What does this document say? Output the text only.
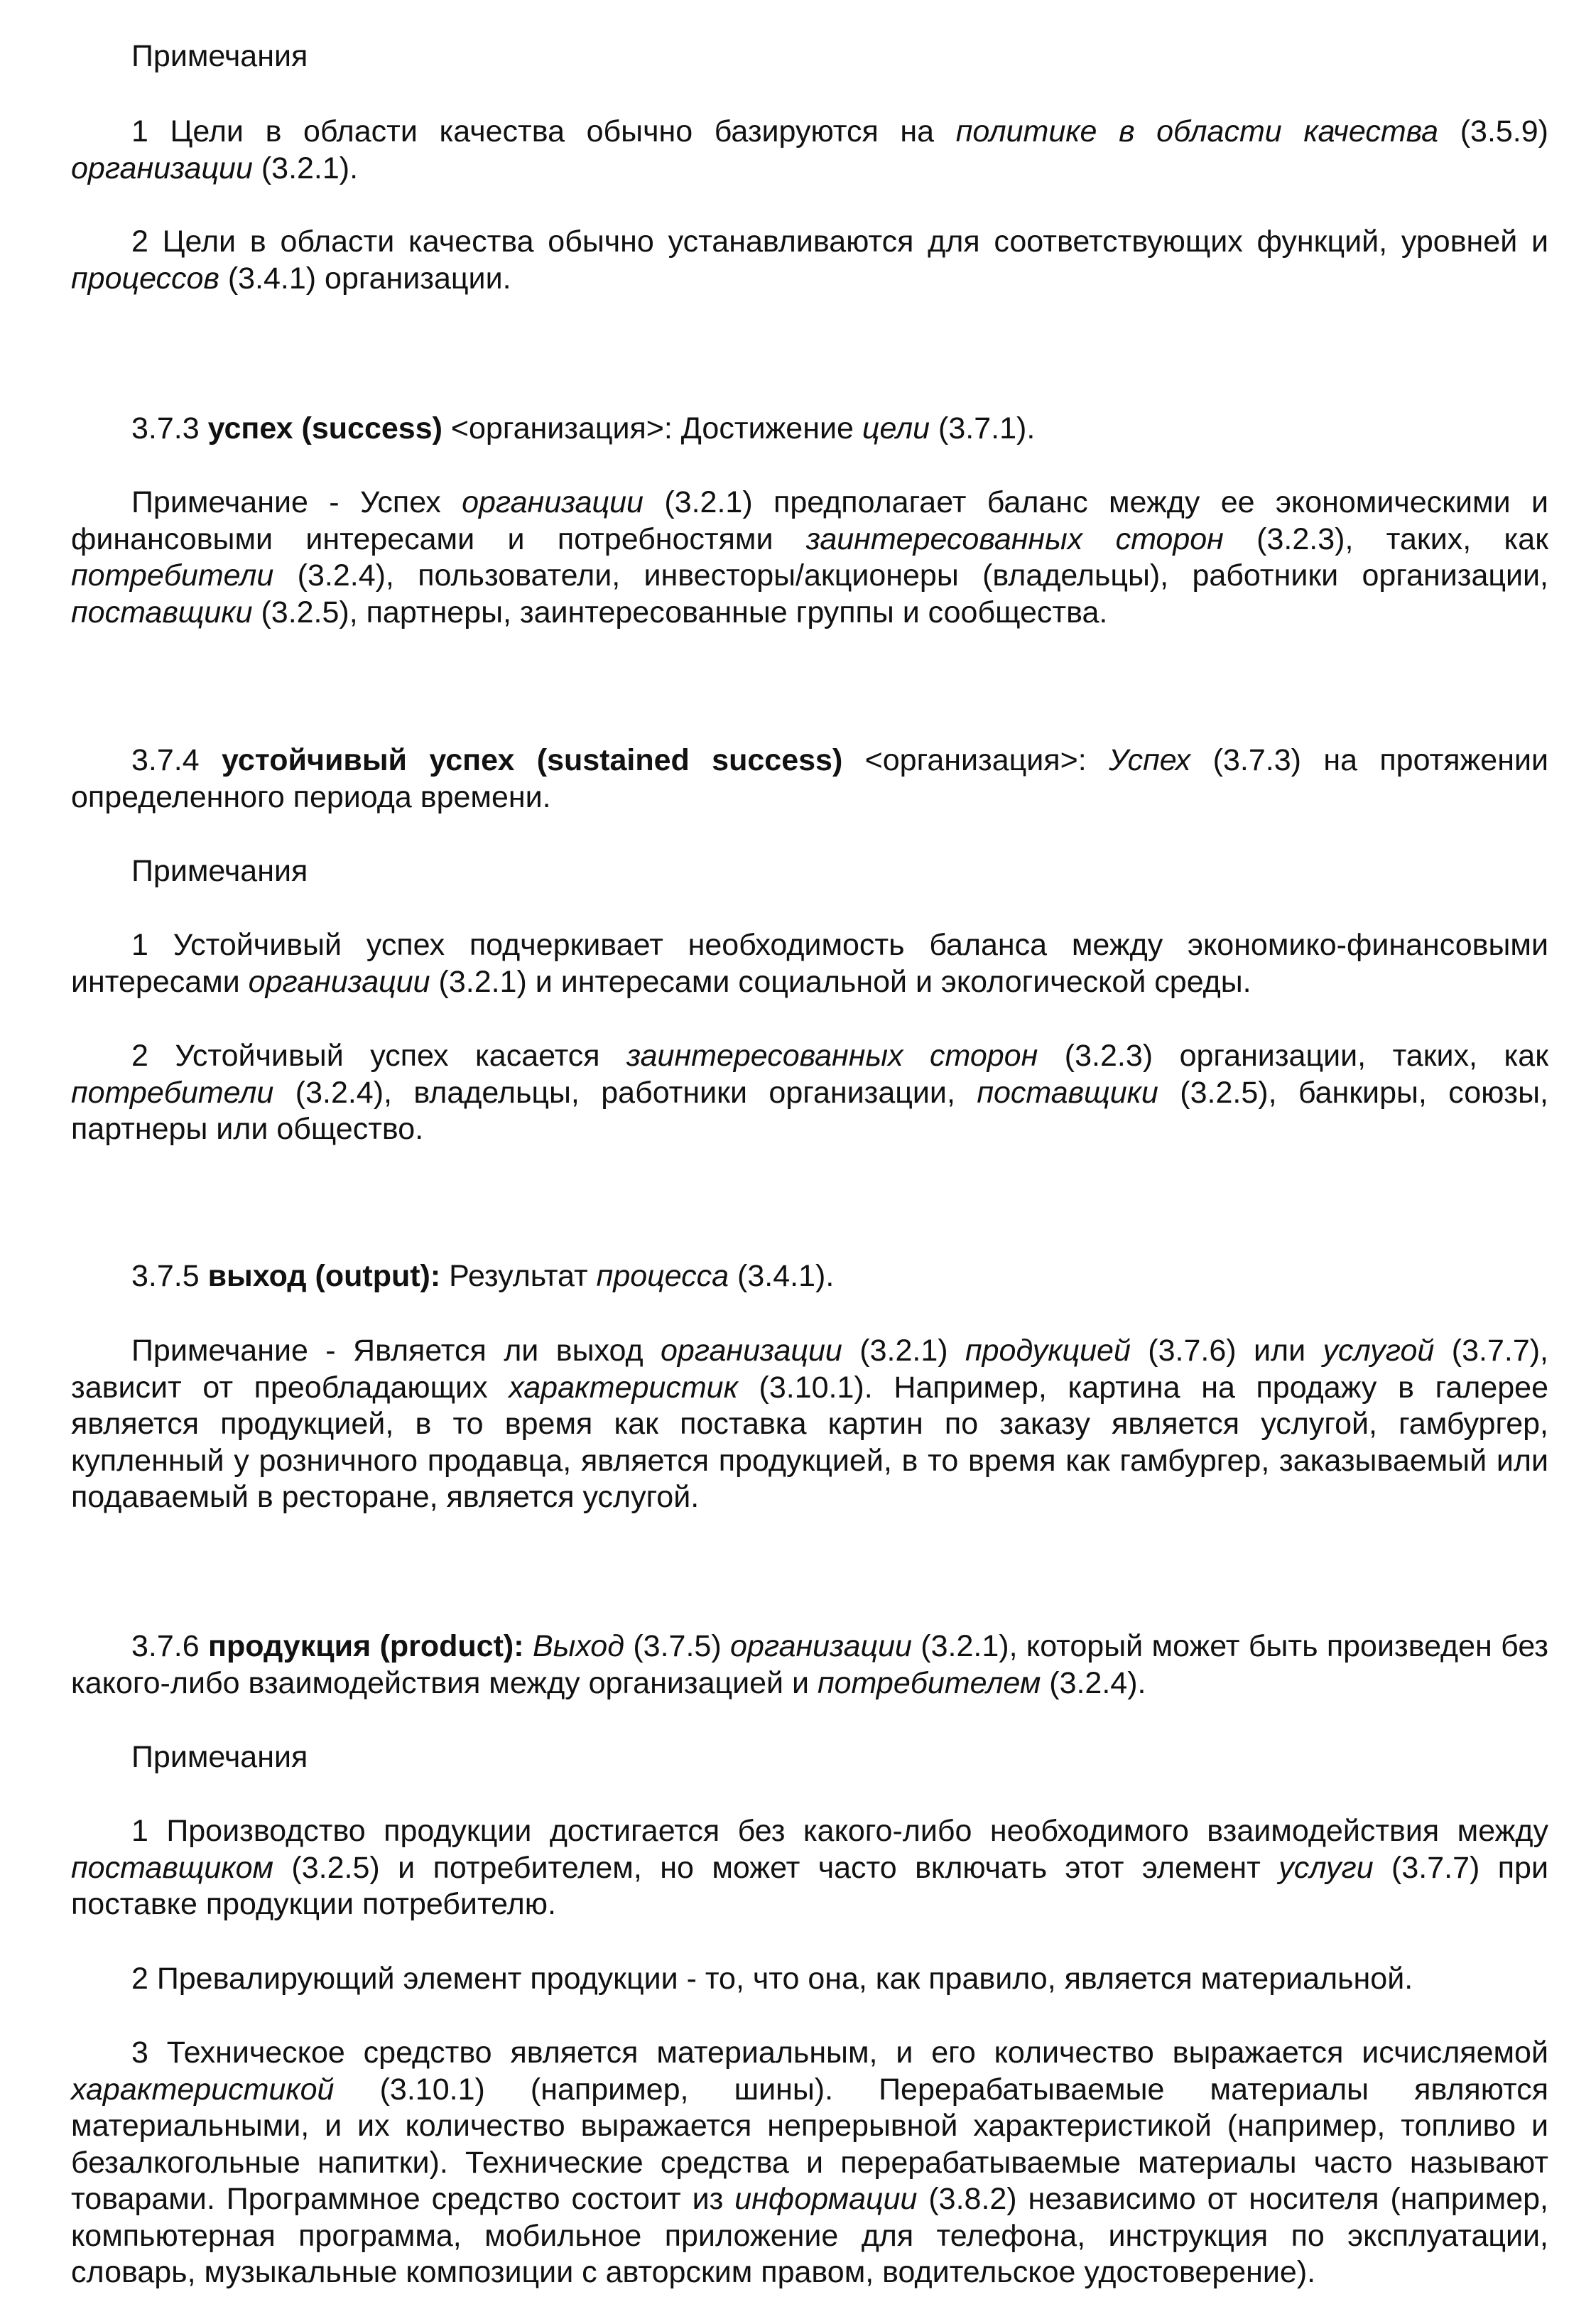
Примечания

1 Цели в области качества обычно базируются на политике в области качества (3.5.9) организации (3.2.1).

2 Цели в области качества обычно устанавливаются для соответствующих функций, уровней и процессов (3.4.1) организации.

3.7.3 успех (success) <организация>: Достижение цели (3.7.1).

Примечание - Успех организации (3.2.1) предполагает баланс между ее экономическими и финансовыми интересами и потребностями заинтересованных сторон (3.2.3), таких, как потребители (3.2.4), пользователи, инвесторы/акционеры (владельцы), работники организации, поставщики (3.2.5), партнеры, заинтересованные группы и сообщества.

3.7.4 устойчивый успех (sustained success) <организация>: Успех (3.7.3) на протяжении определенного периода времени.

Примечания

1 Устойчивый успех подчеркивает необходимость баланса между экономико-финансовыми интересами организации (3.2.1) и интересами социальной и экологической среды.

2 Устойчивый успех касается заинтересованных сторон (3.2.3) организации, таких, как потребители (3.2.4), владельцы, работники организации, поставщики (3.2.5), банкиры, союзы, партнеры или общество.

3.7.5 выход (output): Результат процесса (3.4.1).

Примечание - Является ли выход организации (3.2.1) продукцией (3.7.6) или услугой (3.7.7), зависит от преобладающих характеристик (3.10.1). Например, картина на продажу в галерее является продукцией, в то время как поставка картин по заказу является услугой, гамбургер, купленный у розничного продавца, является продукцией, в то время как гамбургер, заказываемый или подаваемый в ресторане, является услугой.

3.7.6 продукция (product): Выход (3.7.5) организации (3.2.1), который может быть произведен без какого-либо взаимодействия между организацией и потребителем (3.2.4).

Примечания

1 Производство продукции достигается без какого-либо необходимого взаимодействия между поставщиком (3.2.5) и потребителем, но может часто включать этот элемент услуги (3.7.7) при поставке продукции потребителю.

2 Превалирующий элемент продукции - то, что она, как правило, является материальной.

3 Техническое средство является материальным, и его количество выражается исчисляемой характеристикой (3.10.1) (например, шины). Перерабатываемые материалы являются материальными, и их количество выражается непрерывной характеристикой (например, топливо и безалкогольные напитки). Технические средства и перерабатываемые материалы часто называют товарами. Программное средство состоит из информации (3.8.2) независимо от носителя (например, компьютерная программа, мобильное приложение для телефона, инструкция по эксплуатации, словарь, музыкальные композиции с авторским правом, водительское удостоверение).
